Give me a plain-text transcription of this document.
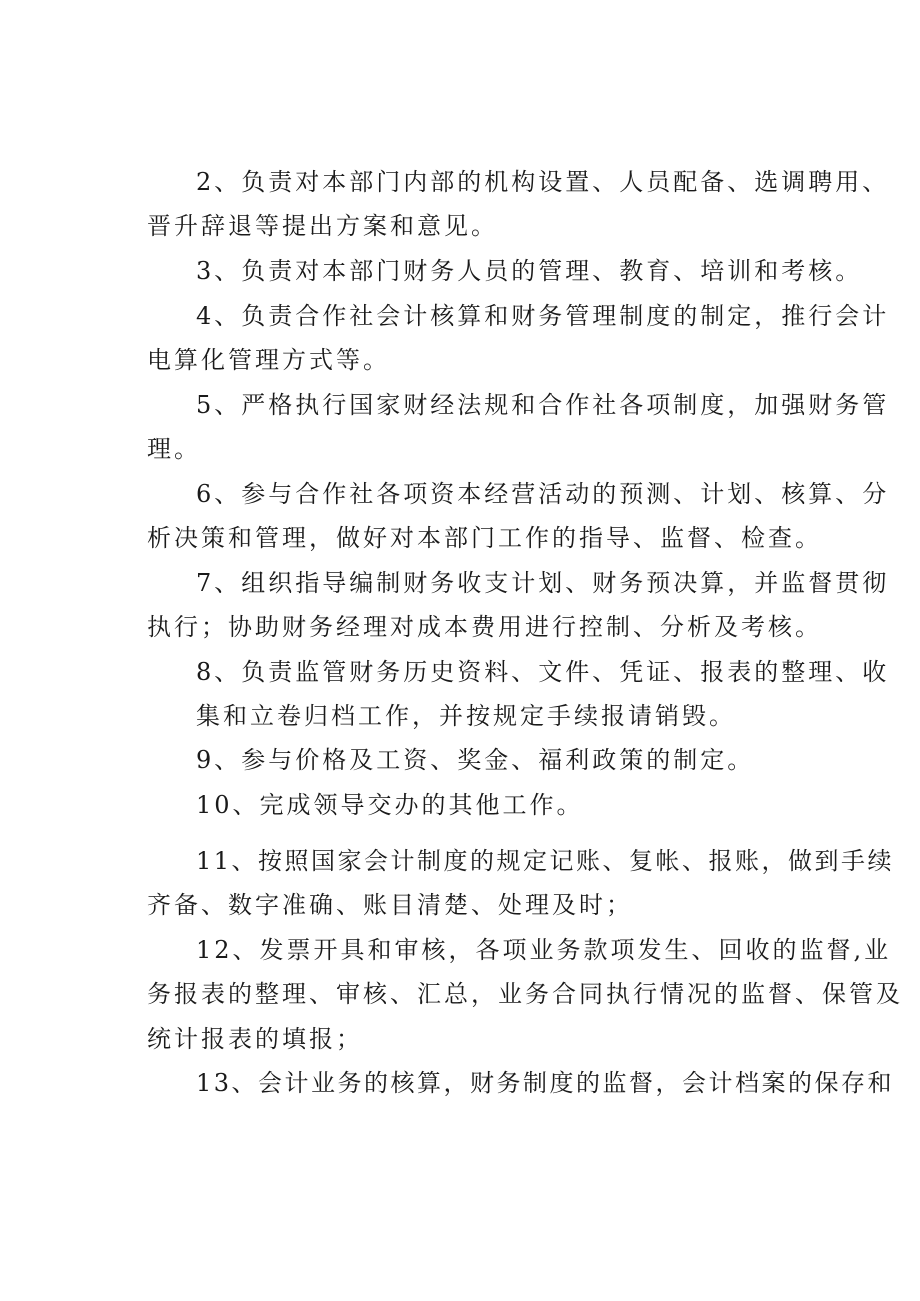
2、负责对本部门内部的机构设置、人员配备、选调聘用、
晋升辞退等提出方案和意见。
3、负责对本部门财务人员的管理、教育、培训和考核。
4、负责合作社会计核算和财务管理制度的制定，推行会计
电算化管理方式等。
5、严格执行国家财经法规和合作社各项制度，加强财务管
理。
6、参与合作社各项资本经营活动的预测、计划、核算、分
析决策和管理，做好对本部门工作的指导、监督、检查。
7、组织指导编制财务收支计划、财务预决算，并监督贯彻
执行；协助财务经理对成本费用进行控制、分析及考核。
8、负责监管财务历史资料、文件、凭证、报表的整理、收
集和立卷归档工作，并按规定手续报请销毁。
9、参与价格及工资、奖金、福利政策的制定。
10、完成领导交办的其他工作。
11、按照国家会计制度的规定记账、复帐、报账，做到手续
齐备、数字准确、账目清楚、处理及时；
12、发票开具和审核，各项业务款项发生、回收的监督,业
务报表的整理、审核、汇总，业务合同执行情况的监督、保管及
统计报表的填报；
13、会计业务的核算，财务制度的监督，会计档案的保存和
